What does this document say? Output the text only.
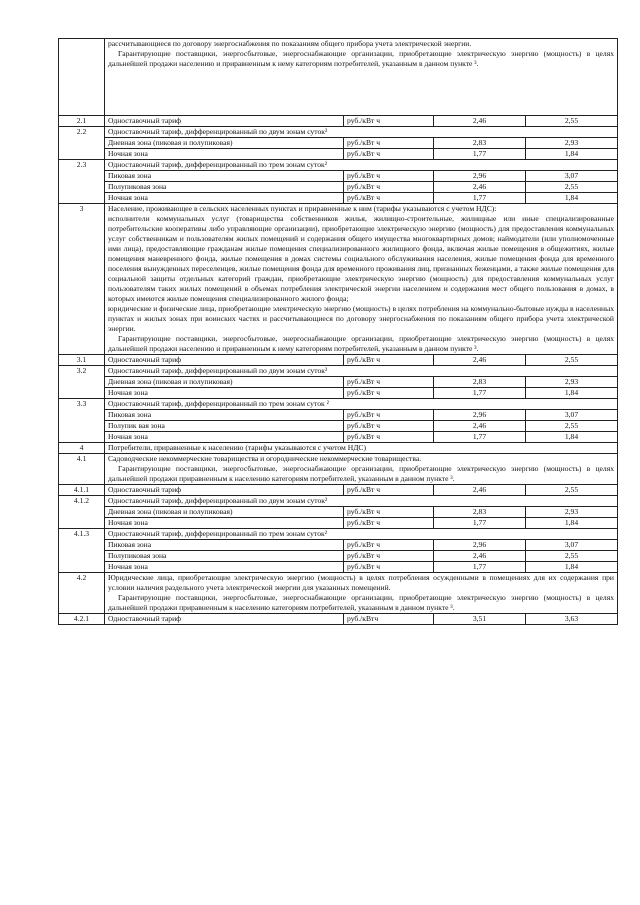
	рассчитывающиеся по договору энергоснабжения по показаниям общего прибора учета электрической энергии.
Гарантирующие поставщики, энергосбытовые, энергоснабжающие организации, приобретающие электрическую энергию (мощность) в целях дальнейшей продажи населению и приравненным к нему категориям потребителей, указанным в данном пункте ³.			

2.1	Одноставочный тариф	руб./кВт ч	2,46	2,55
2.2	Одноставочный тариф, дифференцированный по двум зонам суток²			
	Дневная зона (пиковая и полупиковая)	руб./кВт ч	2,83	2,93
	Ночная зона	руб./кВт ч	1,77	1,84
2.3	Одноставочный тариф, дифференцированный по трем зонам суток²			
	Пиковая зона	руб./кВт ч	2,96	3,07
	Полупиковая зона	руб./кВт ч	2,46	2,55
	Ночная зона	руб./кВт ч	1,77	1,84
3	Население, проживающее в сельских населенных пунктах и приравненные к ним (тарифы указываются с учетом НДС):
исполнители коммунальных услуг (товарищества собственников жилья, жилищно-строительные, жилищные или иные специализированные потребительские кооперативы либо управляющие организации), приобретающие электрическую энергию (мощность) для предоставления коммунальных услуг собственникам и пользователям жилых помещений и содержания общего имущества многоквартирных домов; наймодатели (или уполномоченные ими лица), предоставляющие гражданам жилые помещения специализированного жилищного фонда, включая жилые помещения в общежитиях, жилые помещения маневренного фонда, жилые помещения в домах системы социального обслуживания населения, жилые помещения фонда для временного поселения вынужденных переселенцев, жилые помещения фонда для временного проживания лиц, признанных беженцами, а также жилые помещения для социальной защиты отдельных категорий граждан, приобретающие электрическую энергию (мощность) для предоставления коммунальных услуг пользователям таких жилых помещений в объемах потребления электрической энергии населением и содержания мест общего пользования в домах, в которых имеются жилые помещения специализированного жилого фонда;
юридические и физические лица, приобретающие электрическую энергию (мощность) в целях потребления на коммунально-бытовые нужды в населенных пунктах и жилых зонах при воинских частях и рассчитывающиеся по договору энергоснабжения по показаниям общего прибора учета электрической энергии.
Гарантирующие поставщики, энергосбытовые, энергоснабжающие организации, приобретающие электрическую энергию (мощность) в целях дальнейшей продажи населению и приравненным к нему категориям потребителей, указанным в данном пункте ³.			

3.1	Одноставочный тариф	руб./кВт ч	2,46	2,55
3.2	Одноставочный тариф, дифференцированный по двум зонам суток²			
	Дневная зона (пиковая и полупиковая)	руб./кВт ч	2,83	2,93
	Ночная зона	руб./кВт ч	1,77	1,84
3.3	Одноставочный тариф, дифференцированный по трем зонам суток ²			
	Пиковая зона	руб./кВт ч	2,96	3,07
	Полупик вая зона	руб./кВт ч	2,46	2,55
	Ночная зона	руб./кВт ч	1,77	1,84
4	Потребители, приравненные к населению (тарифы указываются с учетом НДС)			
4.1	Садоводческие некоммерческие товарищества и огороднические некоммерческие товарищества.
Гарантирующие поставщики, энергосбытовые, энергоснабжающие организации, приобретающие электрическую энергию (мощность) в целях дальнейшей продажи приравненным к населению категориям потребителей, указанным в данном пункте ³.			

4.1.1	Одноставочный тариф	руб./кВт ч	2,46	2,55
4.1.2	Одноставочный тариф, дифференцированный по двум зонам суток²			
	Дневная зона (пиковая и полупиковая)	руб./кВт ч	2,83	2,93
	Ночная зона	руб./кВт ч	1,77	1,84
4.1.3	Одноставочный тариф, дифференцированный по трем зонам суток²			
	Пиковая зона	руб./кВт ч	2,96	3,07
	Полупиковая зона	руб./кВт ч	2,46	2,55
	Ночная зона	руб./кВт ч	1,77	1,84
4.2	Юридические лица, приобретающие электрическую энергию (мощность) в целях потребления осужденными в помещениях для их содержания при условии наличия раздельного учета электрической энергии для указанных помещений.
Гарантирующие поставщики, энергосбытовые, энергоснабжающие организации, приобретающие электрическую энергию (мощность) в целях дальнейшей продажи приравненным к населению категориям потребителей, указанным в данном пункте ³.			

4.2.1	Одноставочный тариф	руб./кВтч	3,51	3,63
